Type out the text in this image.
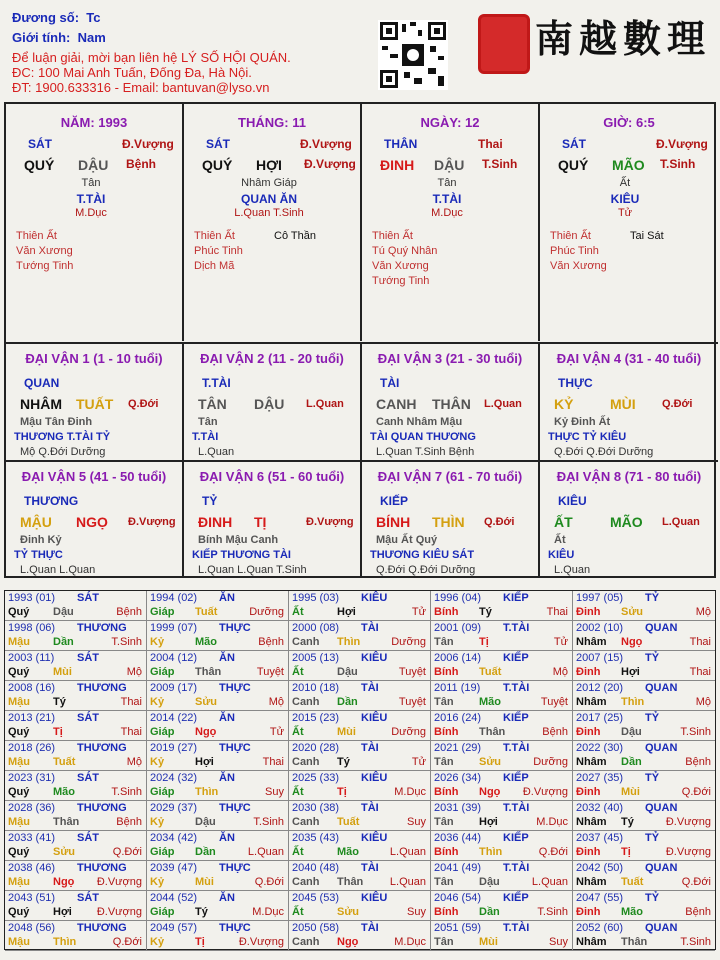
Đương số: Tc
Giới tính: Nam
Để luận giải, mời bạn liên hệ LÝ SỐ HỘI QUÁN.
ĐC: 100 Mai Anh Tuấn, Đống Đa, Hà Nội.
ĐT: 1900.633316 - Email: bantuvan@lyso.vn
南越數理
NĂM: 1993
SÁT	Đ.Vượng
QUÝ DẬU Bệnh
Tân
T.TÀI
M.Dục
Thiên Ất
Văn Xương
Tướng Tinh
THÁNG: 11
SÁT	Đ.Vượng
QUÝ HỢI Đ.Vượng
Nhâm Giáp
QUAN ĂN
L.Quan T.Sinh
Thiên Ất
Phúc Tinh
Dịch Mã
Cô Thần
NGÀY: 12
THÂN	Thai
ĐINH DẬU T.Sinh
Tân
T.TÀI
M.Dục
Thiên Ất
Tú Quý Nhân
Văn Xương
Tướng Tinh
GIỜ: 6:5
SÁT	Đ.Vượng
QUÝ MÃO T.Sinh
Ất
KIÊU
Tử
Thiên Ất
Phúc Tinh
Văn Xương
Tai Sát
ĐẠI VẬN 1 (1 - 10 tuổi)
QUAN
NHÂM TUẤT Q.Đới
Mậu Tân Đinh
THƯƠNG T.TÀI TỶ
Mộ Q.Đới Dưỡng
ĐẠI VẬN 2 (11 - 20 tuổi)
T.TÀI
TÂN DẬU L.Quan
Tân
T.TÀI
L.Quan
ĐẠI VẬN 3 (21 - 30 tuổi)
TÀI
CANH THÂN L.Quan
Canh Nhâm Mậu
TÀI QUAN THƯƠNG
L.Quan T.Sinh Bệnh
ĐẠI VẬN 4 (31 - 40 tuổi)
THỰC
KỶ	MÙI Q.Đới
Kỷ Đinh Ất
THỰC TỶ KIÊU
Q.Đới Q.Đới Dưỡng
ĐẠI VẬN 5 (41 - 50 tuổi)
THƯƠNG
MẬU NGỌ Đ.Vượng
Đinh Kỷ
TỶ THỰC
L.Quan L.Quan
ĐẠI VẬN 6 (51 - 60 tuổi)
TỶ
ĐINH TỊ	Đ.Vượng
Bính Mậu Canh
KIẾP THƯƠNG TÀI
L.Quan L.Quan T.Sinh
ĐẠI VẬN 7 (61 - 70 tuổi)
KIẾP
BÍNH THÌN Q.Đới
Mậu Ất Quý
THƯƠNG KIÊU SÁT
Q.Đới Q.Đới Dưỡng
ĐẠI VẬN 8 (71 - 80 tuổi)
KIÊU
ẤT	MÃO L.Quan
Ất
KIÊU
L.Quan
1993 (01) SÁT
Quý Dậu	Bệnh
1994 (02) ĂN
Giáp Tuất	Dưỡng
1995 (03) KIÊU
Ất	Hợi	Tử
1996 (04) KIẾP
Bính Tý	Thai
1997 (05) TỶ
Đinh Sửu	Mộ
1998 (06) THƯƠNG
Mậu Dần	T.Sinh
1999 (07) THỰC
Kỷ	Mão	Bệnh
2000 (08) TÀI
Canh Thìn	Dưỡng
2001 (09) T.TÀI
Tân Tị	Tử
2002 (10) QUAN
Nhâm Ngọ	Thai
2003 (11) SÁT
Quý Mùi	Mộ
2004 (12) ĂN
Giáp Thân	Tuyệt
2005 (13) KIÊU
Ất	Dậu	Tuyệt
2006 (14) KIẾP
Bính Tuất	Mộ
2007 (15) TỶ
Đinh Hợi	Thai
2008 (16) THƯƠNG
Mậu Tý	Thai
2009 (17) THỰC
Kỷ	Sửu	Mộ
2010 (18) TÀI
Canh Dần	Tuyệt
2011 (19) T.TÀI
Tân Mão	Tuyệt
2012 (20) QUAN
Nhâm Thìn	Mộ
2013 (21) SÁT
Quý Tị	Thai
2014 (22) ĂN
Giáp Ngọ	Tử
2015 (23) KIÊU
Ất	Mùi	Dưỡng
2016 (24) KIẾP
Bính Thân	Bệnh
2017 (25) TỶ
Đinh Dậu	T.Sinh
2018 (26) THƯƠNG
Mậu Tuất	Mộ
2019 (27) THỰC
Kỷ	Hợi	Thai
2020 (28) TÀI
Canh Tý	Tử
2021 (29) T.TÀI
Tân Sửu	Dưỡng
2022 (30) QUAN
Nhâm Dần	Bệnh
2023 (31) SÁT
Quý Mão	T.Sinh
2024 (32) ĂN
Giáp Thìn	Suy
2025 (33) KIÊU
Ất	Tị	M.Dục
2026 (34) KIẾP
Bính Ngọ Đ.Vượng
2027 (35) TỶ
Đinh Mùi	Q.Đới
2028 (36) THƯƠNG
Mậu Thân	Bệnh
2029 (37) THỰC
Kỷ	Dậu	T.Sinh
2030 (38) TÀI
Canh Tuất	Suy
2031 (39) T.TÀI
Tân Hợi	M.Dục
2032 (40) QUAN
Nhâm Tý	Đ.Vượng
2033 (41) SÁT
Quý Sửu	Q.Đới
2034 (42) ĂN
Giáp Dần	L.Quan
2035 (43) KIÊU
Ất	Mão	L.Quan
2036 (44) KIẾP
Bính Thìn	Q.Đới
2037 (45) TỶ
Đinh Tị	Đ.Vượng
2038 (46) THƯƠNG
Mậu Ngọ Đ.Vượng
2039 (47) THỰC
Kỷ	Mùi	Q.Đới
2040 (48) TÀI
Canh Thân L.Quan
2041 (49) T.TÀI
Tân Dậu	L.Quan
2042 (50) QUAN
Nhâm Tuất	Q.Đới
2043 (51) SÁT
Quý Hợi Đ.Vượng
2044 (52) ĂN
Giáp Tý	M.Dục
2045 (53) KIÊU
Ất	Sửu	Suy
2046 (54) KIẾP
Bính Dần	T.Sinh
2047 (55) TỶ
Đinh Mão	Bệnh
2048 (56) THƯƠNG
Mậu Thìn	Q.Đới
2049 (57) THỰC
Kỷ	Tị	Đ.Vượng
2050 (58) TÀI
Canh Ngọ	M.Dục
2051 (59) T.TÀI
Tân Mùi	Suy
2052 (60) QUAN
Nhâm Thân	T.Sinh
